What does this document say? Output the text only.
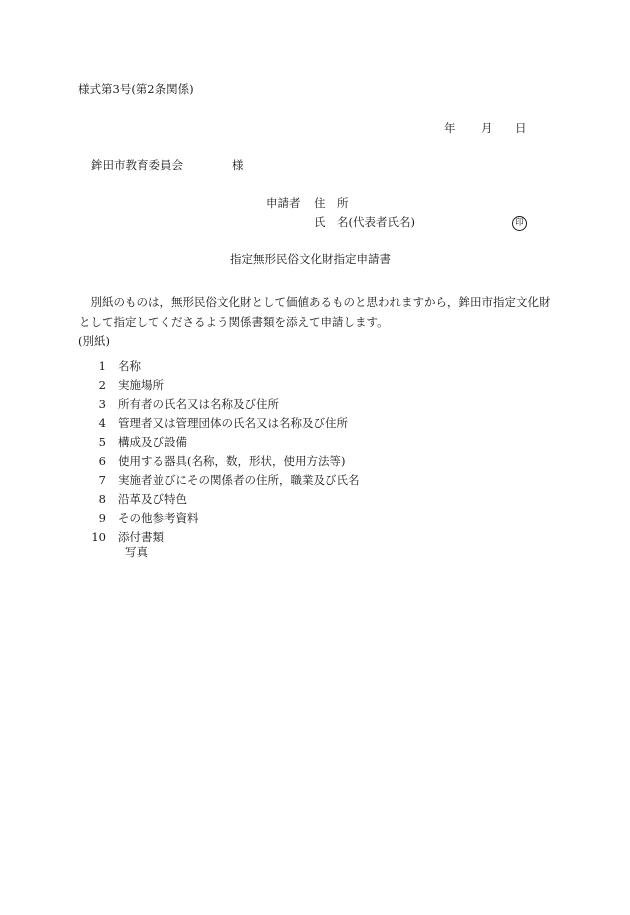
様式第3号(第2条関係)
年 月 日
鉾田市教育委員会	様
申請者 住　所
氏　名(代表者氏名)	印
指定無形民俗文化財指定申請書
別紙のものは，無形民俗文化財として価値あるものと思われますから，鉾田市指定文化財として指定してくださるよう関係書類を添えて申請します。
(別紙)
1 名称
2 実施場所
3 所有者の氏名又は名称及び住所
4 管理者又は管理団体の氏名又は名称及び住所
5 構成及び設備
6 使用する器具(名称，数，形状，使用方法等)
7 実施者並びにその関係者の住所，職業及び氏名
8 沿革及び特色
9 その他参考資料
10 添付書類
写真
